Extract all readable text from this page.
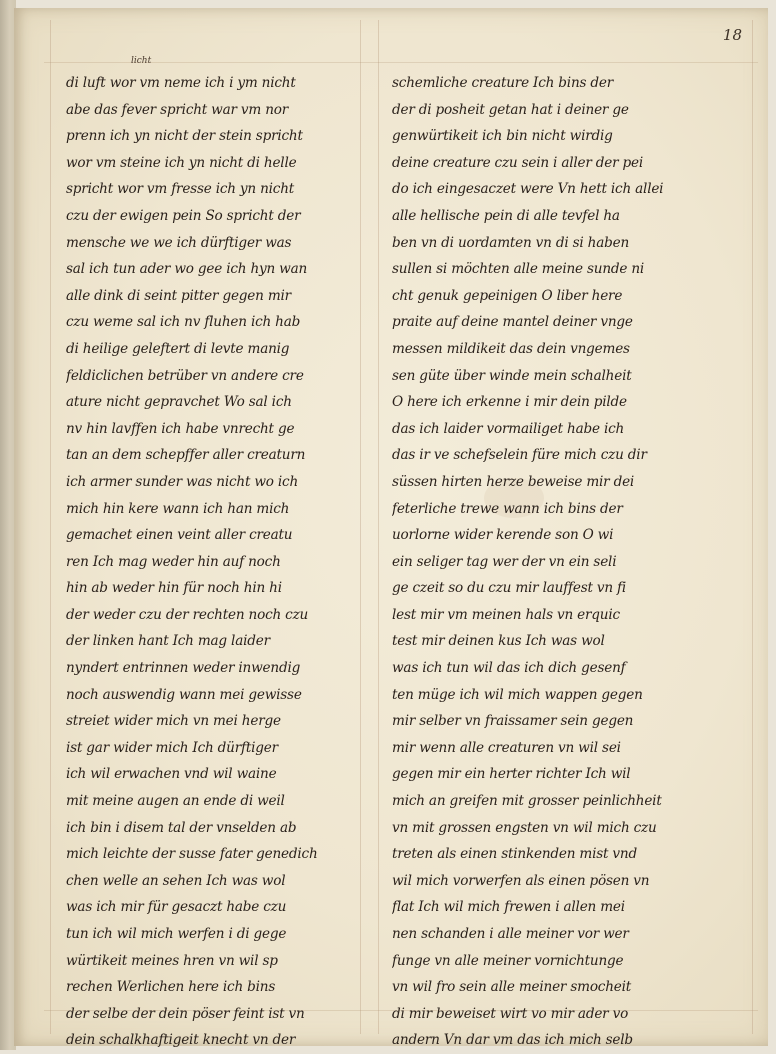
18
licht
di luft wor vm neme ich i ym nicht
abe das fever spricht war vm nor
prenn ich yn nicht der stein spricht
wor vm steine ich yn nicht di helle
spricht wor vm fresse ich yn nicht
czu der ewigen pein So spricht der
mensche we we ich dürftiger was
sal ich tun ader wo gee ich hyn wan
alle dink di seint pitter gegen mir
czu weme sal ich nv fluhen ich hab
di heilige geleftert di levte manig
feldiclichen betrüber vn andere cre
ature nicht gepravchet Wo sal ich
nv hin lavffen ich habe vnrecht ge
tan an dem schepffer aller creaturn
ich armer sunder was nicht wo ich
mich hin kere wann ich han mich
gemachet einen veint aller creatu
ren Ich mag weder hin auf noch
hin ab weder hin für noch hin hi
der weder czu der rechten noch czu
der linken hant Ich mag laider
nyndert entrinnen weder inwendig
noch auswendig wann mei gewisse
streiet wider mich vn mei herge
ist gar wider mich Ich dürftiger
ich wil erwachen vnd wil waine
mit meine augen an ende di weil
ich bin i disem tal der vnselden ab
mich leichte der susse fater genedich
chen welle an sehen Ich was wol
was ich mir für gesaczt habe czu
tun ich wil mich werfen i di gege
würtikeit meines hren vn wil sp
rechen Werlichen here ich bins
der selbe der dein pöser feint ist vn
dein schalkhaftigeit knecht vn der
schemliche creature Ich bins der
der di posheit getan hat i deiner ge
genwürtikeit ich bin nicht wirdig
deine creature czu sein i aller der pei
do ich eingesaczet were Vn hett ich allei
alle hellische pein di alle tevfel ha
ben vn di uordamten vn di si haben
sullen si möchten alle meine sunde ni
cht genuk gepeinigen O liber here
praite auf deine mantel deiner vnge
messen mildikeit das dein vngemes
sen güte über winde mein schalheit
O here ich erkenne i mir dein pilde
das ich laider vormailiget habe ich
das ir ve schefselein füre mich czu dir
süssen hirten herze beweise mir dei
feterliche trewe wann ich bins der
uorlorne wider kerende son O wi
ein seliger tag wer der vn ein seli
ge czeit so du czu mir lauffest vn fi
lest mir vm meinen hals vn erquic
test mir deinen kus Ich was wol
was ich tun wil das ich dich gesenf
ten müge ich wil mich wappen gegen
mir selber vn fraissamer sein gegen
mir wenn alle creaturen vn wil sei
gegen mir ein herter richter Ich wil
mich an greifen mit grosser peinlichheit
vn mit grossen engsten vn wil mich czu
treten als einen stinkenden mist vnd
wil mich vorwerfen als einen pösen vn
flat Ich wil mich frewen i allen mei
nen schanden i alle meiner vor wer
funge vn alle meiner vornichtunge
vn wil fro sein alle meiner smocheit
di mir beweiset wirt vo mir ader vo
andern Vn dar vm das ich mich selb
